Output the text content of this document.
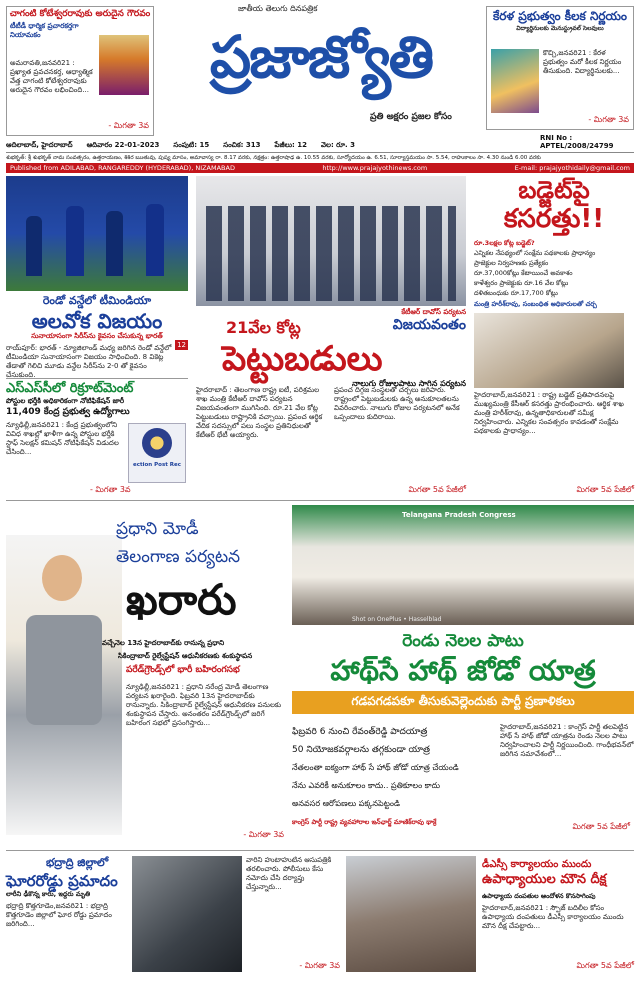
చాగంటి కోటేశ్వరరావుకు అరుదైన గౌరవం
టీటీడీ ధార్మిక ప్రచారకర్తగా నియామకం
అమరావతి,జనవరి21 : ప్రఖ్యాత ప్రవచనకర్త, ఆధ్యాత్మిక వేత్త చాగంటి కోటేశ్వరరావుకు అరుదైన గౌరవం లభించింది...
- మిగతా 3వ
జాతీయ తెలుగు దినపత్రిక
ప్రజాజ్యోతి
ప్రతి అక్షరం ప్రజల కోసం
కేరళ ప్రభుత్వం కీలక నిర్ణయం
విద్యార్థినులకు మెనుస్ట్రువల్ సెలవులు
కొచ్చి,జనవరి21 : కేరళ ప్రభుత్వం మరో కీలక నిర్ణయం తీసుకుంది. విద్యార్థినులకు...
- మిగతా 3వ
RNI No : APTEL/2008/24799
ఆదిలాబాద్, హైదరాబాద్ ఆదివారం 22-01-2023 సంపుటి: 15 సంచిక: 313 పేజీలు: 12 వెల: రూ. 3
శుభకృత్: శ్రీ శుభకృత్ నామ సంవత్సరం, ఉత్తరాయణం, శిశిర ఋతువు, పుష్య మాసం, అమావాస్య రా. 8.17 వరకు, నక్షత్రం: ఉత్తరాషాఢ ఉ. 10.55 వరకు, సూర్యోదయం ఉ. 6.51, సూర్యాస్తమయం సా. 5.54, రాహుకాలం సా. 4.30 నుండి 6.00 వరకు
Published from ADILABAD, RANGAREDDY (HYDERABAD), NIZAMABAD	http://www.prajajyothinews.com	E-mail: prajajyothidaily@gmail.com
రెండో వన్డేలో టీమిండియా
అలవోక విజయం
సునాయాసంగా సిరీస్‌ను కైవసం చేసుకున్న భారత్
రాయ్‌పూర్: భారత్ - న్యూజిలాండ్ మధ్య జరిగిన రెండో వన్డేలో టీమిండియా సునాయాసంగా విజయం సాధించింది. 8 వికెట్ల తేడాతో గెలిచి మూడు వన్డేల సిరీస్‌ను 2-0 తో కైవసం చేసుకుంది.
12
కేటీఆర్ దావోస్ పర్యటన
విజయవంతం
21వేల కోట్ల
పెట్టుబడులు
నాలుగు రోజులపాటు సాగిన పర్యటన
హైదరాబాద్ : తెలంగాణ రాష్ట్ర ఐటీ, పరిశ్రమల శాఖ మంత్రి కేటీఆర్ దావోస్ పర్యటన విజయవంతంగా ముగిసింది. రూ.21 వేల కోట్ల పెట్టుబడులు రాష్ట్రానికి వచ్చాయి. ప్రపంచ ఆర్థిక వేదిక సదస్సులో పలు సంస్థల ప్రతినిధులతో కేటీఆర్ భేటీ అయ్యారు.
ప్రపంచ దిగ్గజ సంస్థలతో చర్చలు జరిపారు. రాష్ట్రంలో పెట్టుబడులకు ఉన్న అనుకూలతలను వివరించారు. నాలుగు రోజుల పర్యటనలో అనేక ఒప్పందాలు కుదిరాయి.
మిగతా 5వ పేజీలో
బడ్జెట్‌పై
కసరత్తు!!
రూ.3లక్షల కోట్ల బడ్జెట్?
ఎన్నికల నేపథ్యంలో సంక్షేమ పథకాలకు ప్రాధాన్యం
ప్రాజెక్టుల నిర్వహణకు ప్రత్యేకం
రూ.37,000కోట్లు కేటాయించే అవకాశం
కాళేశ్వరం ప్రాజెక్టుకు రూ.16 వేల కోట్లు
దళితబంధుకు రూ.17,700 కోట్లు
మంత్రి హరీశ్‌రావు, సంబంధిత అధికారులతో చర్చ
హైదరాబాద్,జనవరి21 : రాష్ట్ర బడ్జెట్ ప్రతిపాదనలపై ముఖ్యమంత్రి కేసీఆర్ కసరత్తు ప్రారంభించారు. ఆర్థిక శాఖ మంత్రి హరీశ్‌రావు, ఉన్నతాధికారులతో సమీక్ష నిర్వహించారు. ఎన్నికల సంవత్సరం కావడంతో సంక్షేమ పథకాలకు ప్రాధాన్యం...
మిగతా 5వ పేజీలో
ఎస్ఎస్‌సీలో రిక్రూట్‌మెంట్
పోస్టుల భర్తీకి అధికారికంగా నోటిఫికేషన్ జారీ
11,409 కేంద్ర ప్రభుత్వ ఉద్యోగాలు
న్యూఢిల్లీ,జనవరి21 : కేంద్ర ప్రభుత్వంలోని వివిధ శాఖల్లో ఖాళీగా ఉన్న పోస్టుల భర్తీకి స్టాఫ్ సెలక్షన్ కమిషన్ నోటిఫికేషన్ విడుదల చేసింది...
ection Post Rec
- మిగతా 3వ
ప్రధాని మోడీ
తెలంగాణ పర్యటన
ఖరారు
వచ్చేనెల 13న హైదరాబాద్‌కు రానున్న ప్రధాని
సికింద్రాబాద్ రైల్వేస్టేషన్ ఆధునీకరణకు శంకుస్థాపన
పరేడ్‌గ్రౌండ్స్‌లో భారీ బహిరంగసభ
న్యూఢిల్లీ,జనవరి21 : ప్రధాని నరేంద్ర మోడీ తెలంగాణ పర్యటన ఖరారైంది. ఫిబ్రవరి 13న హైదరాబాద్‌కు రానున్నారు. సికింద్రాబాద్ రైల్వేస్టేషన్ ఆధునీకరణ పనులకు శంకుస్థాపన చేస్తారు. అనంతరం పరేడ్‌గ్రౌండ్స్‌లో జరిగే బహిరంగ సభలో ప్రసంగిస్తారు...
- మిగతా 3వ
Telangana Pradesh Congress
Shot on OnePlus • Hasselblad
రెండు నెలల పాటు
హాథ్‌సే హాథ్ జోడో యాత్ర
గడపగడపకూ తీసుకువెల్లెందుకు పార్టీ ప్రణాళికలు
ఫిబ్రవరి 6 నుంచి రేవంత్‌రెడ్డి పాదయాత్ర
50 నియోజకవర్గాలను తగ్గకుండా యాత్ర
నేతలంతా ఐక్యంగా హాథ్ సే హాథ్ జోడో యాత్ర చేయండి
నేను ఎవరికీ అనుకూలం కాదు.. ప్రతికూలం కాదు
అనవసర ఆరోపణలు పక్కనపెట్టండి
కాంగ్రెస్ పార్టీ రాష్ట్ర వ్యవహారాల ఇన్‌ఛార్జ్ మాణిక్‌రావు థాక్రే
హైదరాబాద్,జనవరి21 : కాంగ్రెస్ పార్టీ తలపెట్టిన హాథ్ సే హాథ్ జోడో యాత్రను రెండు నెలల పాటు నిర్వహించాలని పార్టీ నిర్ణయించింది. గాంధీభవన్‌లో జరిగిన సమావేశంలో...
మిగతా 5వ పేజీలో
భద్రాద్రి జిల్లాలో
ఘోరరోడ్డు ప్రమాదం
లారీని ఢీకొన్న కారు, ఇద్దరు మృతి
భద్రాద్రి కొత్తగూడెం,జనవరి21 : భద్రాద్రి కొత్తగూడెం జిల్లాలో ఘోర రోడ్డు ప్రమాదం జరిగింది...
వారిని హుటాహుటిన ఆసుపత్రికి తరలించారు. పోలీసులు కేసు నమోదు చేసి దర్యాప్తు చేస్తున్నారు...
- మిగతా 3వ
డీఎస్సీ కార్యాలయం ముందు
ఉపాధ్యాయుల మౌన దీక్ష
ఉపాధ్యాయ దంపతుల ఆందోళన కొనసాగింపు
హైదరాబాద్,జనవరి21 : స్పౌజ్ బదిలీల కోసం ఉపాధ్యాయ దంపతులు డీఎస్సీ కార్యాలయం ముందు మౌన దీక్ష చేపట్టారు...
మిగతా 5వ పేజీలో
